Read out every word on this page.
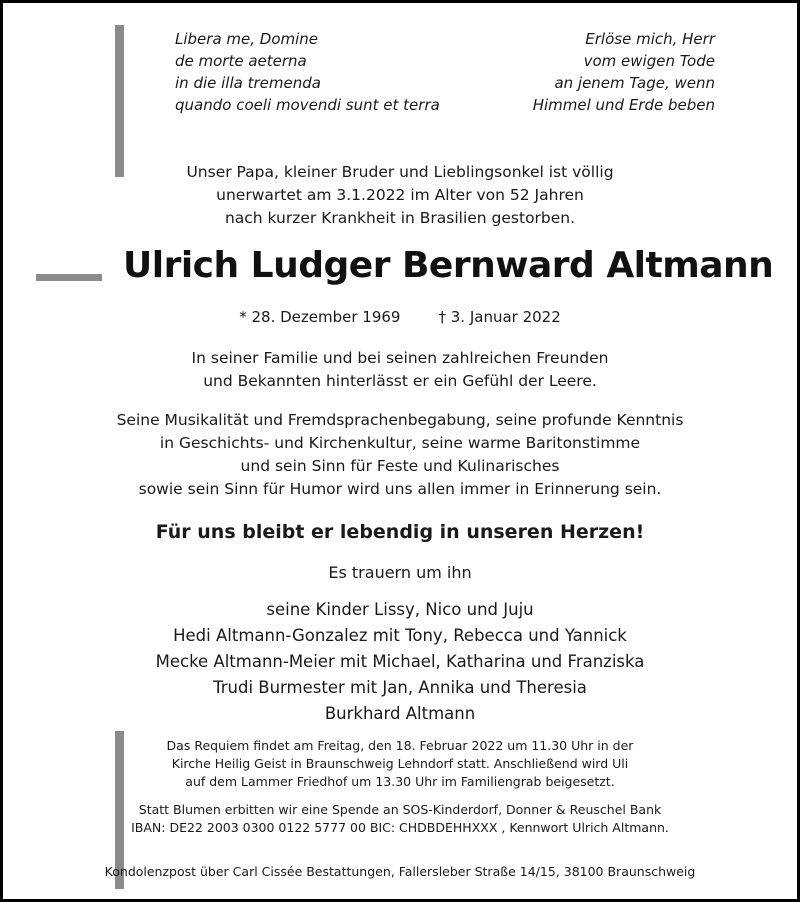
Libera me, Domine
de morte aeterna
in die illa tremenda
quando coeli movendi sunt et terra
Erlöse mich, Herr
vom ewigen Tode
an jenem Tage, wenn
Himmel und Erde beben
Unser Papa, kleiner Bruder und Lieblingsonkel ist völlig
unerwartet am 3.1.2022 im Alter von 52 Jahren
nach kurzer Krankheit in Brasilien gestorben.
Ulrich Ludger Bernward Altmann
* 28. Dezember 1969	† 3. Januar 2022
In seiner Familie und bei seinen zahlreichen Freunden
und Bekannten hinterlässt er ein Gefühl der Leere.
Seine Musikalität und Fremdsprachenbegabung, seine profunde Kenntnis
in Geschichts- und Kirchenkultur, seine warme Baritonstimme
und sein Sinn für Feste und Kulinarisches
sowie sein Sinn für Humor wird uns allen immer in Erinnerung sein.
Für uns bleibt er lebendig in unseren Herzen!
Es trauern um ihn
seine Kinder Lissy, Nico und Juju
Hedi Altmann-Gonzalez mit Tony, Rebecca und Yannick
Mecke Altmann-Meier mit Michael, Katharina und Franziska
Trudi Burmester mit Jan, Annika und Theresia
Burkhard Altmann
Das Requiem findet am Freitag, den 18. Februar 2022 um 11.30 Uhr in der
Kirche Heilig Geist in Braunschweig Lehndorf statt. Anschließend wird Uli
auf dem Lammer Friedhof um 13.30 Uhr im Familiengrab beigesetzt.
Statt Blumen erbitten wir eine Spende an SOS-Kinderdorf, Donner & Reuschel Bank
IBAN: DE22 2003 0300 0122 5777 00 BIC: CHDBDEHHXXX , Kennwort Ulrich Altmann.
Kondolenzpost über Carl Cissée Bestattungen, Fallersleber Straße 14/15, 38100 Braunschweig
